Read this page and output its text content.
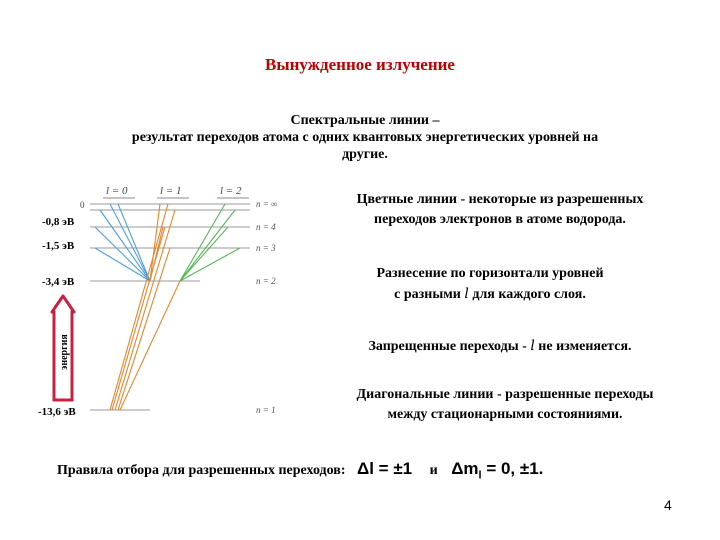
Вынужденное излучение
Спектральные линии –
результат переходов атома с одних квантовых энергетических уровней на
другие.
l = 0	l = 1	l = 2
0	n = ∞
n = 4
n = 3
n = 2
n = 1
-0,8 эВ
-1,5 эВ
-3,4 эВ
-13,6 эВ
энергия
Цветные линии - некоторые из разрешенных
переходов электронов в атоме водорода.
Разнесение по горизонтали уровней
с разными l для каждого слоя.
Запрещенные переходы - l не изменяется.
Диагональные линии - разрешенные переходы
между стационарными состояниями.
Правила отбора для разрешенных переходов: Δl = ±1 и $\Delta m_l = 0$, ±1.
4
